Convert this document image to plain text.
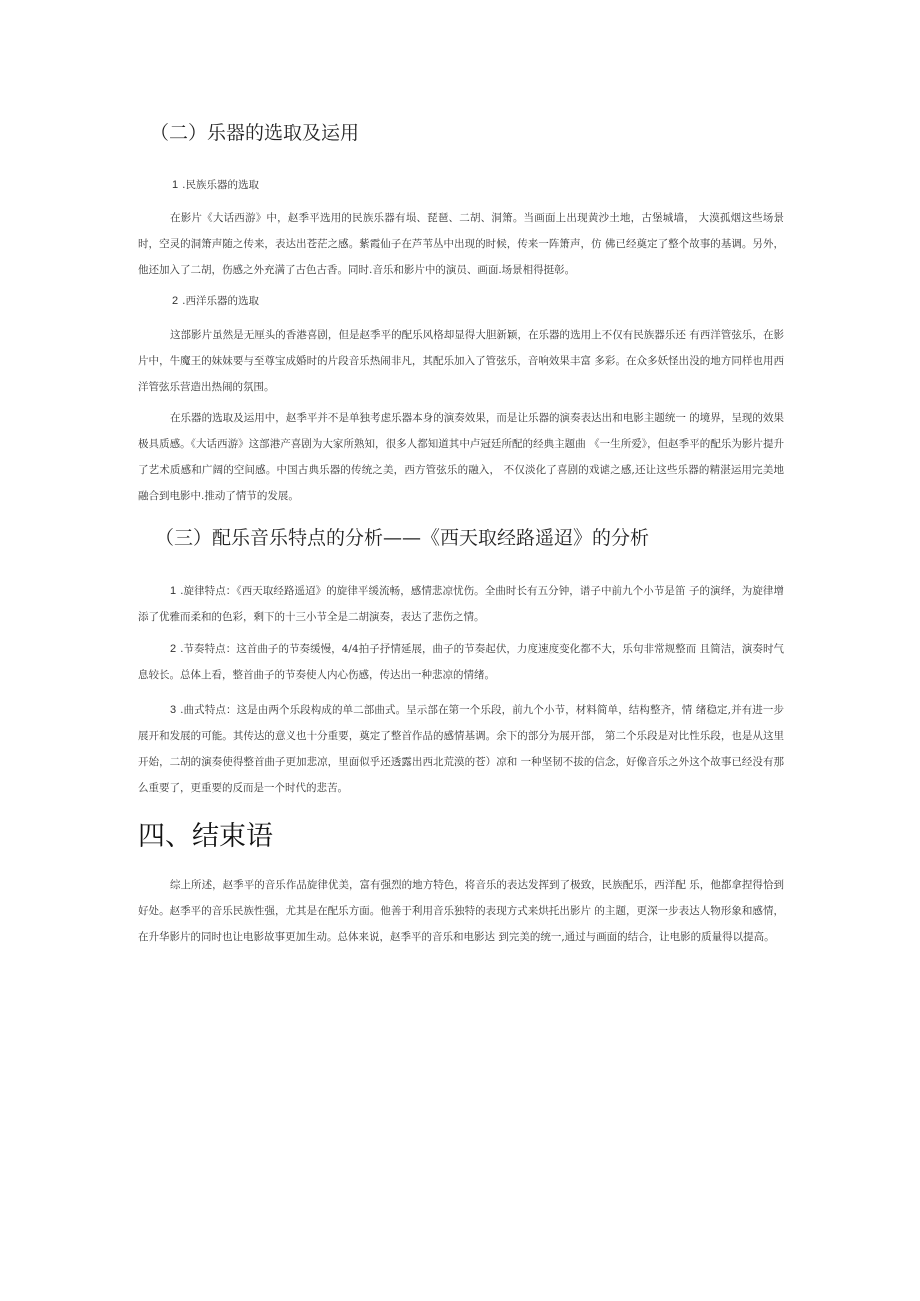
（二）乐器的选取及运用
1 .民族乐器的选取

在影片《大话西游》中，赵季平选用的民族乐器有埙、琵琶、二胡、洞箫。当画面上出现黄沙土地，古堡城墙， 大漠孤烟这些场景时，空灵的洞箫声随之传来，表达出苍茫之感。紫霞仙子在芦苇丛中出现的时候，传来一阵箫声，仿 佛已经奠定了整个故事的基调。另外，他还加入了二胡，伤感之外充满了古色古香。同时.音乐和影片中的演员、画面.场景相得挺彰。

2 .西洋乐器的选取

这部影片虽然是无厘头的香港喜剧，但是赵季平的配乐风格却显得大胆新颖，在乐器的选用上不仅有民族器乐还 有西洋管弦乐，在影片中，牛魔王的妹妹要与至尊宝成婚时的片段音乐热闹非凡，其配乐加入了管弦乐，音响效果丰富 多彩。在众多妖怪出没的地方同样也用西洋管弦乐营造出热闹的氛围。

在乐器的选取及运用中，赵季平并不是单独考虑乐器本身的演奏效果，而是让乐器的演奏表达出和电影主题统一 的境界，呈现的效果极具质感。《大话西游》这部港产喜剧为大家所熟知，很多人都知道其中卢冠廷所配的经典主题曲 《一生所爱》，但赵季平的配乐为影片提升了艺术质感和广阔的空间感。中国古典乐器的传统之美，西方管弦乐的融入， 不仅淡化了喜剧的戏谑之感,还让这些乐器的精湛运用完美地融合到电影中.推动了情节的发展。

（三）配乐音乐特点的分析——《西天取经路遥迢》的分析

1 .旋律特点：《西天取经路遥迢》的旋律平缓流畅，感情悲凉忧伤。全曲时长有五分钟，谱子中前九个小节是笛 子的演绎，为旋律增添了优雅而柔和的色彩，剩下的十三小节全是二胡演奏，表达了悲伤之情。

2 .节奏特点：这首曲子的节奏缓慢，4/4拍子抒情延展，曲子的节奏起伏，力度速度变化都不大，乐句非常规整而 且简洁，演奏时气息较长。总体上看，整首曲子的节奏使人内心伤感，传达出一种悲凉的情绪。

3 .曲式特点：这是由两个乐段构成的单二部曲式。呈示部在第一个乐段，前九个小节，材料简单，结构整齐，情 绪稳定,并有进一步展开和发展的可能。其传达的意义也十分重要，奠定了整首作品的感情基调。余下的部分为展开部， 第二个乐段是对比性乐段，也是从这里开始，二胡的演奏使得整首曲子更加悲凉，里面似乎还透露出西北荒漠的苍）凉和 一种坚韧不拔的信念，好像音乐之外这个故事已经没有那么重要了，更重要的反而是一个时代的悲苦。

四、结束语

综上所述，赵季平的音乐作品旋律优美，富有强烈的地方特色，将音乐的表达发挥到了极致，民族配乐，西洋配 乐，他都拿捏得恰到好处。赵季平的音乐民族性强，尤其是在配乐方面。他善于利用音乐独特的表现方式来烘托出影片 的主题，更深一步表达人物形象和感情，在升华影片的同时也让电影故事更加生动。总体来说，赵季平的音乐和电影达 到完美的统一,通过与画面的结合，让电影的质量得以提高。
